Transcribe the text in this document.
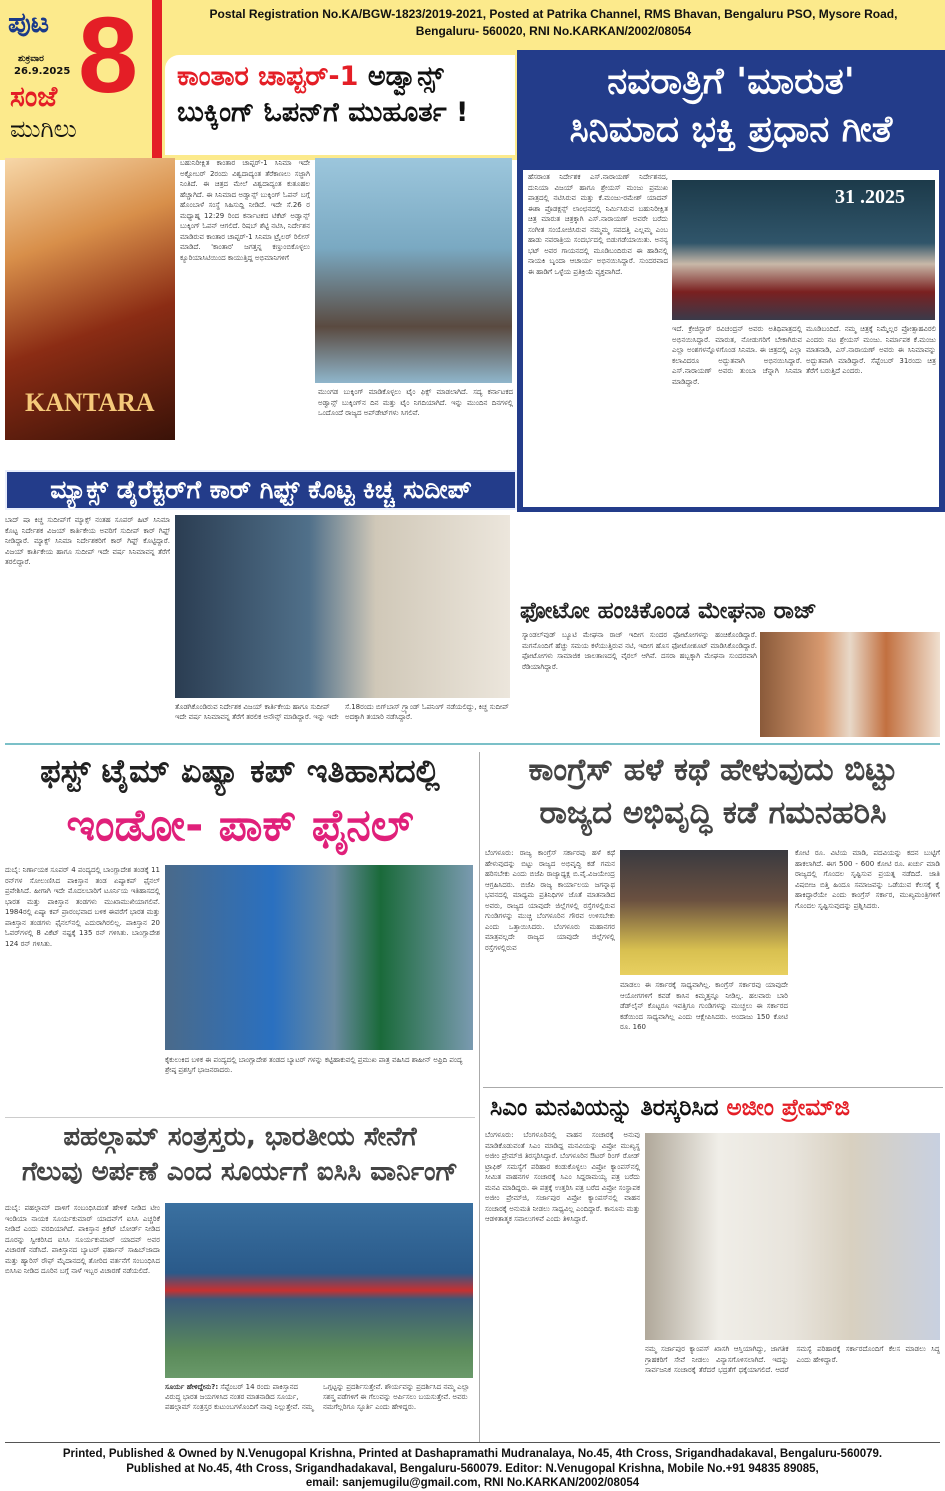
ಪುಟ 8
ಶುಕ್ರವಾರ
26.9.2025
ಸಂಜೆ
ಮುಗಿಲು
Postal Registration No.KA/BGW-1823/2019-2021, Posted at Patrika Channel, RMS Bhavan, Bengaluru PSO, Mysore Road,
Bengaluru- 560020, RNI No.KARKAN/2002/08054
ಕಾಂತಾರ ಚಾಪ್ಟರ್-1 ಅಡ್ವಾನ್ಸ್
ಬುಕ್ಕಿಂಗ್ ಓಪನ್‌ಗೆ ಮುಹೂರ್ತ !
KANTARA
ಬಹುನಿರೀಕ್ಷಿತ ಕಾಂತಾರ ಚಾಪ್ಟರ್-1 ಸಿನಿಮಾ ಇದೇ ಅಕ್ಟೋಬರ್ 2ರಂದು ವಿಶ್ವದಾದ್ಯಂತ ತೆರೆಕಾಣಲು ಸಜ್ಜಾಗಿ ನಿಂತಿದೆ. ಈ ಚಿತ್ರದ ಮೇಲೆ ವಿಶ್ವದಾದ್ಯಂತ ಕುತೂಹಲ ಹೆಚ್ಚಾಗಿದೆ. ಈ ಸಿನಿಮಾದ ಅಡ್ವಾನ್ಸ್ ಬುಕ್ಕಿಂಗ್ ಓಪನ್ ಬಗ್ಗೆ ಹೊಂಬಾಳೆ ಸಂಸ್ಥೆ ಸಿಹಿಸುದ್ದಿ ನೀಡಿದೆ. ಇದೇ ಸೆ.26 ರ ಮಧ್ಯಾಹ್ನ 12:29 ರಿಂದ ಕರ್ನಾಟಕದ ಟಿಕೆಟ್ ಅಡ್ವಾನ್ಸ್ ಬುಕ್ಕಿಂಗ್ ಓಪನ್ ಆಗಲಿದೆ. ರಿಷಬ್ ಶೆಟ್ಟಿ ನಟಿಸಿ, ನಿರ್ದೇಶನ ಮಾಡಿರುವ ಕಾಂತಾರ ಚಾಪ್ಟರ್-1 ಸಿನಿಮಾ ಟ್ರೈಲರ್ ರಿಲೀಸ್ ಮಾಡಿದೆ. 'ಕಾಂತಾರ' ಜಗತ್ತನ್ನ ಕಣ್ತುಂಬಿಕೊಳ್ಳಲು ಕ್ಯೂರಿಯಾಸಿಟಿಯಿಂದ ಕಾಯುತ್ತಿದ್ದ ಅಭಿಮಾನಿಗಳಿಗೆ
ಮುಂಗಡ ಬುಕ್ಕಿಂಗ್ ಮಾಡಿಕೊಳ್ಳಲು ಟೈಂ ಫಿಕ್ಸ್ ಮಾಡಲಾಗಿದೆ. ಸದ್ಯ ಕರ್ನಾಟಕದ ಅಡ್ವಾನ್ಸ್ ಬುಕ್ಕಿಂಗ್‌ನ ದಿನ ಮತ್ತು ಟೈಂ ನಿಗದಿಯಾಗಿದೆ. ಇನ್ನು ಮುಂದಿನ ದಿನಗಳಲ್ಲಿ ಒಂದೊಂದೆ ರಾಜ್ಯದ ಅಪ್‌ಡೇಟ್‌ಗಳು ಸಿಗಲಿವೆ.
ನವರಾತ್ರಿಗೆ 'ಮಾರುತ'
ಸಿನಿಮಾದ ಭಕ್ತಿ ಪ್ರಧಾನ ಗೀತೆ
ಹೆಸರಾಂತ ನಿರ್ದೇಶಕ ಎಸ್.ನಾರಾಯಣ್ ನಿರ್ದೇಶನದ, ದುನಿಯಾ ವಿಜಯ್ ಹಾಗೂ ಶ್ರೇಯಸ್ ಮಂಜು ಪ್ರಮುಖ ಪಾತ್ರದಲ್ಲಿ ನಟಿಸಿರುವ ಮತ್ತು ಕೆ.ಮಂಜು-ರಮೇಶ್ ಯಾದವ್ ಈಶಾ ಪ್ರೊಡಕ್ಷನ್ಸ್ ಲಾಂಛನದಲ್ಲಿ ನಿರ್ಮಿಸಿರುವ ಬಹುನಿರೀಕ್ಷಿತ ಚಿತ್ರ ಮಾರುತ ಚಿತ್ರಕ್ಕಾಗಿ ಎಸ್.ನಾರಾಯಣ್ ಅವರೇ ಬರೆದು ಸಂಗೀತ ಸಂಯೋಜಿಸಿರುವ ನಮ್ಮಮ್ಮ ಸವದತ್ತಿ ಎಲ್ಲಮ್ಮ ಎಂಬ ಹಾಡು ನವರಾತ್ರಿಯ ಸಂದರ್ಭದಲ್ಲಿ ಬಿಡುಗಡೆಯಾಯಿತು. ಅನನ್ಯ ಭಟ್ ಅವರ ಗಾಯನದಲ್ಲಿ ಮೂಡಿಬಂದಿರುವ ಈ ಹಾಡಿನಲ್ಲಿ ನಾಯಕಿ ಬೃಂದಾ ಆಚಾರ್ಯ ಅಭಿನಯಿಸಿದ್ದಾರೆ. ಸುಂದರವಾದ ಈ ಹಾಡಿಗೆ ಒಳ್ಳೆಯ ಪ್ರತಿಕ್ರಿಯೆ ವ್ಯಕ್ತವಾಗಿದೆ.
31 .2025
ಇದೆ. ಕ್ರೇಜಿಸ್ಟಾರ್ ರವಿಚಂದ್ರನ್ ಅವರು ಅತಿಥಿಪಾತ್ರದಲ್ಲಿ ಅಭಿನಯಿಸಿದ್ದಾರೆ. ಮಾರುತ, ನೋಡುಗರಿಗೆ ಬೇಕಾಗಿರುವ ಎಲ್ಲಾ ಅಂಶಗಳನ್ನೊಳಗೊಂಡ ಸಿನಿಮಾ. ಈ ಚಿತ್ರದಲ್ಲಿ ಎಲ್ಲಾ ಕಲಾವಿದರೂ ಅದ್ಭುತವಾಗಿ ಅಭಿನಯಿಸಿದ್ದಾರೆ. ಎಸ್.ನಾರಾಯಣ್ ಅವರು ತುಂಬಾ ಚೆನ್ನಾಗಿ ಸಿನಿಮಾ ಮಾಡಿದ್ದಾರೆ.
ಮೂಡಿಬಂದಿದೆ. ನಮ್ಮ ಚಿತ್ರಕ್ಕೆ ನಿಮ್ಮೆಲ್ಲರ ಪ್ರೋತ್ಸಾಹವಿರಲಿ ಎಂದರು ನಟ ಶ್ರೇಯಸ್ ಮಂಜು. ನಿರ್ಮಾಪಕ ಕೆ.ಮಂಜು ಮಾತನಾಡಿ, ಎಸ್.ನಾರಾಯಣ್ ಅವರು ಈ ಸಿನಿಮಾವನ್ನು ಅದ್ಭುತವಾಗಿ ಮಾಡಿದ್ದಾರೆ. ಸೆಪ್ಟೆಂಬರ್ 31ರಂದು ಚಿತ್ರ ತೆರೆಗೆ ಬರುತ್ತಿದೆ ಎಂದರು.
ಮ್ಯಾಕ್ಸ್ ಡೈರೆಕ್ಟರ್‌ಗೆ ಕಾರ್ ಗಿಫ್ಟ್ ಕೊಟ್ಟ ಕಿಚ್ಚ ಸುದೀಪ್
ಬಾದ್ ಷಾ ಕಿಚ್ಚ ಸುದೀಪ್‌ಗೆ ಮ್ಯಾಕ್ಸ್ ನಂತಹ ಸೂಪರ್ ಹಿಟ್ ಸಿನಿಮಾ ಕೊಟ್ಟ ನಿರ್ದೇಶಕ ವಿಜಯ್ ಕಾರ್ತಿಕೇಯ ಅವರಿಗೆ ಸುದೀಪ್ ಕಾರ್ ಗಿಫ್ಟ್ ನೀಡಿದ್ದಾರೆ. ಮ್ಯಾಕ್ಸ್ ಸಿನಿಮಾ ನಿರ್ದೇಶಕರಿಗೆ ಕಾರ್ ಗಿಫ್ಟ್ ಕೊಟ್ಟಿದ್ದಾರೆ. ವಿಜಯ್ ಕಾರ್ತಿಕೇಯ ಹಾಗೂ ಸುದೀಪ್ ಇದೇ ವರ್ಷ ಸಿನಿಮಾವನ್ನ ತೆರೆಗೆ ತರಲಿದ್ದಾರೆ.
ತೊಡಗಿಕೊಂಡಿರುವ ನಿರ್ದೇಶಕ ವಿಜಯ್ ಕಾರ್ತಿಕೇಯ ಹಾಗೂ ಸುದೀಪ್ ಇದೇ ವರ್ಷ ಸಿನಿಮಾವನ್ನ ತೆರೆಗೆ ತರಲಿಕ ಅನೌನ್ಸ್ ಮಾಡಿದ್ದಾರೆ. ಇನ್ನು ಇದೇ
ಸೆ.18ರಂದು ಬಿಗ್‌ಬಾಸ್ ಗ್ರ್ಯಾಂಡ್ ಓಪನಿಂಗ್ ನಡೆಯಲಿದ್ದು, ಕಿಚ್ಚ ಸುದೀಪ್ ಅದಕ್ಕಾಗಿ ತಯಾರಿ ನಡೆಸಿದ್ದಾರೆ.
ಫೋಟೋ ಹಂಚಿಕೊಂಡ ಮೇಘನಾ ರಾಜ್
ಸ್ಯಾಂಡಲ್‌ವುಡ್ ಬ್ಯೂಟಿ ಮೇಘನಾ ರಾಜ್ ಇದೀಗ ಸುಂದರ ಫೋಟೋಗಳನ್ನು ಹಂಚಿಕೊಂಡಿದ್ದಾರೆ. ಮಗನೊಂದಿಗೆ ಹೆಚ್ಚು ಸಮಯ ಕಳೆಯುತ್ತಿರುವ ನಟಿ, ಇದೀಗ ಹೊಸ ಫೋಟೋಶೂಟ್ ಮಾಡಿಸಿಕೊಂಡಿದ್ದಾರೆ. ಫೋಟೋಗಳು ಸಾಮಾಜಿಕ ಜಾಲತಾಣದಲ್ಲಿ ವೈರಲ್ ಆಗಿವೆ. ದಸರಾ ಹಬ್ಬಕ್ಕಾಗಿ ಮೇಘನಾ ಸುಂದರವಾಗಿ ರೆಡಿಯಾಗಿದ್ದಾರೆ.
ಫಸ್ಟ್ ಟೈಮ್ ಏಷ್ಯಾ ಕಪ್ ಇತಿಹಾಸದಲ್ಲಿ
ಇಂಡೋ- ಪಾಕ್ ಫೈನಲ್
ದುಬೈ: ನಿರ್ಣಾಯಕ ಸೂಪರ್ 4 ಪಂದ್ಯದಲ್ಲಿ ಬಾಂಗ್ಲಾದೇಶ ತಂಡಕ್ಕೆ 11 ರನ್‌ಗಳ ಸೋಲುಣಿಸಿದ ಪಾಕಿಸ್ತಾನ ತಂಡ ಏಷ್ಯಾಕಪ್ ಫೈನಲ್ ಪ್ರವೇಶಿಸಿದೆ. ಹೀಗಾಗಿ ಇದೇ ಮೊದಲಬಾರಿಗೆ ಟೂರ್ನಿಯ ಇತಿಹಾಸದಲ್ಲಿ ಭಾರತ ಮತ್ತು ಪಾಕಿಸ್ತಾನ ತಂಡಗಳು ಮುಖಾಮುಖಿಯಾಗಲಿವೆ. 1984ರಲ್ಲಿ ಏಷ್ಯಾ ಕಪ್ ಪ್ರಾರಂಭವಾದ ಬಳಿಕ ಈವರೆಗೆ ಭಾರತ ಮತ್ತು ಪಾಕಿಸ್ತಾನ ತಂಡಗಳು ಫೈನಲ್‌ನಲ್ಲಿ ಎದುರಾಗಿರಲಿಲ್ಲ. ಪಾಕಿಸ್ತಾನ 20 ಓವರ್‌ಗಳಲ್ಲಿ 8 ವಿಕೆಟ್ ನಷ್ಟಕ್ಕೆ 135 ರನ್ ಗಳಿಸಿತು. ಬಾಂಗ್ಲಾದೇಶ 124 ರನ್ ಗಳಿಸಿತು.
ಕೈಕುಲುಕಿದ ಬಳಿಕ ಈ ಪಂದ್ಯದಲ್ಲಿ ಬಾಂಗ್ಲಾದೇಶ ತಂಡದ ಬ್ಯಾಟರ್ ಗಳನ್ನು ಕಟ್ಟಿಹಾಕುವಲ್ಲಿ ಪ್ರಮುಖ ಪಾತ್ರ ವಹಿಸಿದ ಶಾಹೀನ್ ಅಫ್ರಿದಿ ಪಂದ್ಯ ಶ್ರೇಷ್ಠ ಪ್ರಶಸ್ತಿಗೆ ಭಾಜನರಾದರು.
ಕಾಂಗ್ರೆಸ್ ಹಳೆ ಕಥೆ ಹೇಳುವುದು ಬಿಟ್ಟು
ರಾಜ್ಯದ ಅಭಿವೃದ್ಧಿ ಕಡೆ ಗಮನಹರಿಸಿ
ಬೆಂಗಳೂರು: ರಾಜ್ಯ ಕಾಂಗ್ರೆಸ್ ಸರ್ಕಾರವು ಹಳೆ ಕಥೆ ಹೇಳುವುದನ್ನು ಬಿಟ್ಟು ರಾಜ್ಯದ ಅಭಿವೃದ್ಧಿ ಕಡೆ ಗಮನ ಹರಿಸಬೇಕು ಎಂದು ಬಿಜೆಪಿ ರಾಜ್ಯಾಧ್ಯಕ್ಷ ಬಿ.ವೈ.ವಿಜಯೇಂದ್ರ ಆಗ್ರಹಿಸಿದರು. ಬಿಜೆಪಿ ರಾಜ್ಯ ಕಾರ್ಯಾಲಯ ಜಗನ್ನಾಥ ಭವನದಲ್ಲಿ ಮಾಧ್ಯಮ ಪ್ರತಿನಿಧಿಗಳ ಜೊತೆ ಮಾತನಾಡಿದ ಅವರು, ರಾಜ್ಯದ ಯಾವುದೇ ಜಿಲ್ಲೆಗಳಲ್ಲಿ ರಸ್ತೆಗಳಲ್ಲಿರುವ ಗುಂಡಿಗಳನ್ನು ಮುಚ್ಚಿ ಬೆಂಗಳೂರಿನ ಗೌರವ ಉಳಿಸಬೇಕು ಎಂದು ಒತ್ತಾಯಿಸಿದರು. ಬೆಂಗಳೂರು ಮಹಾನಗರ ಮಾತ್ರವಲ್ಲದೇ ರಾಜ್ಯದ ಯಾವುದೇ ಜಿಲ್ಲೆಗಳಲ್ಲಿ ರಸ್ತೆಗಳಲ್ಲಿರುವ
ಮಾಡಲು ಈ ಸರ್ಕಾರಕ್ಕೆ ಸಾಧ್ಯವಾಗಿಲ್ಲ. ಕಾಂಗ್ರೆಸ್ ಸರ್ಕಾರವು ಯಾವುದೇ ಆಯೋಗಗಳಿಗೆ ಕವಡೆ ಕಾಸಿನ ಕಿಮ್ಮತ್ತನ್ನೂ ನೀಡಿಲ್ಲ. ಹಲವಾರು ಬಾರಿ ಡೆಡ್‌ಲೈನ್ ಕೊಟ್ಟರೂ ಇವತ್ತಿಗೂ ಗುಂಡಿಗಳನ್ನು ಮುಚ್ಚಲು ಈ ಸರ್ಕಾರದ ಕಡೆಯಿಂದ ಸಾಧ್ಯವಾಗಿಲ್ಲ ಎಂದು ಆಕ್ಷೇಪಿಸಿದರು. ಅಂದಾಜು 150 ಕೋಟಿ ರೂ. 160
ಕೋಟಿ ರೂ. ವಿಟಿಯ ಮಾಡಿ, ಪದವಿಯನ್ನು ಕದನ ಬುಟ್ಟಿಗೆ ಹಾಕಲಾಗಿದೆ. ಈಗ 500 - 600 ಕೋಟಿ ರೂ. ಖರ್ಚು ಮಾಡಿ ರಾಜ್ಯದಲ್ಲಿ ಗೊಂದಲ ಸೃಷ್ಟಿಸುವ ಪ್ರಯತ್ನ ನಡೆದಿದೆ. ಜಾತಿ ವಿಷಬೀಜ ಬಿತ್ತಿ ಹಿಂದೂ ಸಮಾಜವನ್ನು ಒಡೆಯುವ ಕೆಲಸಕ್ಕೆ ಕೈ ಹಾಕಿದ್ದಾರೆಯೇ ಎಂದು ಕಾಂಗ್ರೆಸ್ ಸರ್ಕಾರ, ಮುಖ್ಯಮಂತ್ರಿಗಳಿಗೆ ಗೊಂದಲ ಸೃಷ್ಟಿಸುವುದನ್ನು ಪ್ರಶ್ನಿಸಿದರು.
ಸಿಎಂ ಮನವಿಯನ್ನು ತಿರಸ್ಕರಿಸಿದ ಅಜೀಂ ಪ್ರೇಮ್‌ಜಿ
ಬೆಂಗಳೂರು: ಬೆಂಗಳೂರಿನಲ್ಲಿ ವಾಹನ ಸಂಚಾರಕ್ಕೆ ಅನುವು ಮಾಡಿಕೊಡುವಂತೆ ಸಿಎಂ ಮಾಡಿದ್ದ ಮನವಿಯನ್ನು ವಿಪ್ರೋ ಮುಖ್ಯಸ್ಥ ಅಜೀಂ ಪ್ರೇಮ್‌ಜಿ ತಿರಸ್ಕರಿಸಿದ್ದಾರೆ. ಬೆಂಗಳೂರಿನ ಔಟರ್ ರಿಂಗ್ ರೋಡ್ ಟ್ರಾಫಿಕ್ ಸಮಸ್ಯೆಗೆ ಪರಿಹಾರ ಕಂಡುಕೊಳ್ಳಲು ವಿಪ್ರೋ ಕ್ಯಾಂಪಸ್‌ನಲ್ಲಿ ಸೀಮಿತ ವಾಹನಗಳ ಸಂಚಾರಕ್ಕೆ ಸಿಎಂ ಸಿದ್ದರಾಮಯ್ಯ ಪತ್ರ ಬರೆದು ಮನವಿ ಮಾಡಿದ್ದರು. ಈ ಪತ್ರಕ್ಕೆ ಉತ್ತರಿಸಿ ಪತ್ರ ಬರೆದ ವಿಪ್ರೋ ಸಂಸ್ಥಾಪಕ ಅಜೀಂ ಪ್ರೇಮ್‌ಜಿ, ಸರ್ಜಾಪುರ ವಿಪ್ರೋ ಕ್ಯಾಂಪಸ್‌ನಲ್ಲಿ ವಾಹನ ಸಂಚಾರಕ್ಕೆ ಅನುಮತಿ ನೀಡಲು ಸಾಧ್ಯವಿಲ್ಲ ಎಂದಿದ್ದಾರೆ. ಕಾನೂನು ಮತ್ತು ಆಡಳಿತಾತ್ಮಕ ಸವಾಲುಗಳಿವೆ ಎಂದು ತಿಳಿಸಿದ್ದಾರೆ.
ನಮ್ಮ ಸರ್ಜಾಪುರ ಕ್ಯಾಂಪಸ್ ಖಾಸಗಿ ಆಸ್ತಿಯಾಗಿದ್ದು, ಜಾಗತಿಕ ಗ್ರಾಹಕರಿಗೆ ಸೇವೆ ನೀಡಲು ವಿನ್ಯಾಸಗೊಳಿಸಲಾಗಿದೆ. ಇದನ್ನು ಸಾರ್ವಜನಿಕ ಸಂಚಾರಕ್ಕೆ ತೆರೆದರೆ ಭದ್ರತೆಗೆ ಧಕ್ಕೆಯಾಗಲಿದೆ. ಆದರೆ ಸಮಸ್ಯೆ ಪರಿಹಾರಕ್ಕೆ ಸರ್ಕಾರದೊಂದಿಗೆ ಕೆಲಸ ಮಾಡಲು ಸಿದ್ಧ ಎಂದು ಹೇಳಿದ್ದಾರೆ.
ಪಹಲ್ಗಾಮ್ ಸಂತ್ರಸ್ತರು, ಭಾರತೀಯ ಸೇನೆಗೆ
ಗೆಲುವು ಅರ್ಪಣೆ ಎಂದ ಸೂರ್ಯಗೆ ಐಸಿಸಿ ವಾರ್ನಿಂಗ್
ದುಬೈ: ಪಹಲ್ಗಾಮ್ ದಾಳಿಗೆ ಸಂಬಂಧಿಸಿದಂತೆ ಹೇಳಿಕೆ ನೀಡಿದ ಟೀಂ ಇಂಡಿಯಾ ನಾಯಕ ಸೂರ್ಯಕುಮಾರ್ ಯಾದವ್‌ಗೆ ಐಸಿಸಿ ಎಚ್ಚರಿಕೆ ನೀಡಿದೆ ಎಂದು ವರದಿಯಾಗಿದೆ. ಪಾಕಿಸ್ತಾನ ಕ್ರಿಕೆಟ್ ಬೋರ್ಡ್ ನೀಡಿದ ದೂರನ್ನು ಸ್ವೀಕರಿಸಿದ ಐಸಿಸಿ ಸೂರ್ಯಕುಮಾರ್ ಯಾದವ್ ಅವರ ವಿಚಾರಣೆ ನಡೆಸಿದೆ. ಪಾಕಿಸ್ತಾನದ ಬ್ಯಾಟರ್ ಫರ್ಹಾನ್ ಸಾಹಿಬ್‌ಜಾದಾ ಮತ್ತು ಹ್ಯಾರಿಸ್ ರೌಫ್ ಮೈದಾನದಲ್ಲಿ ತೋರಿದ ವರ್ತನೆಗೆ ಸಂಬಂಧಿಸಿದ ಬಿಸಿಸಿಐ ನೀಡಿದ ದೂರಿನ ಬಗ್ಗೆ ನಾಳೆ ಇಬ್ಬರ ವಿಚಾರಣೆ ನಡೆಯಲಿದೆ.
ಸೂರ್ಯ ಹೇಳಿದ್ದೇನು?: ಸೆಪ್ಟೆಂಬರ್ 14 ರಂದು ಪಾಕಿಸ್ತಾನದ ವಿರುದ್ಧ ಭಾರತ ಜಯಗಳಿಸಿದ ನಂತರ ಮಾತನಾಡಿದ ಸೂರ್ಯ, ಪಹಲ್ಗಾಮ್ ಸಂತ್ರಸ್ತರ ಕುಟುಂಬಗಳೊಂದಿಗೆ ನಾವು ನಿಲ್ಲುತ್ತೇವೆ. ನಮ್ಮ ಒಗ್ಗಟ್ಟನ್ನು ಪ್ರದರ್ಶಿಸುತ್ತೇವೆ. ಶೌರ್ಯವನ್ನು ಪ್ರದರ್ಶಿಸಿದ ನಮ್ಮ ಎಲ್ಲಾ ಸಶಸ್ತ್ರ ಪಡೆಗಳಿಗೆ ಈ ಗೆಲುವನ್ನು ಅರ್ಪಿಸಲು ಬಯಸುತ್ತೇವೆ. ಅವರು ನಮಗೆಲ್ಲರಿಗೂ ಸ್ಫೂರ್ತಿ ಎಂದು ಹೇಳಿದ್ದರು.
Printed, Published & Owned by N.Venugopal Krishna, Printed at Dashapramathi Mudranalaya, No.45, 4th Cross, Srigandhadakaval, Bengaluru-560079.
Published at No.45, 4th Cross, Srigandhadakaval, Bengaluru-560079. Editor: N.Venugopal Krishna, Mobile No.+91 94835 89085,
email: sanjemugilu@gmail.com, RNI No.KARKAN/2002/08054
